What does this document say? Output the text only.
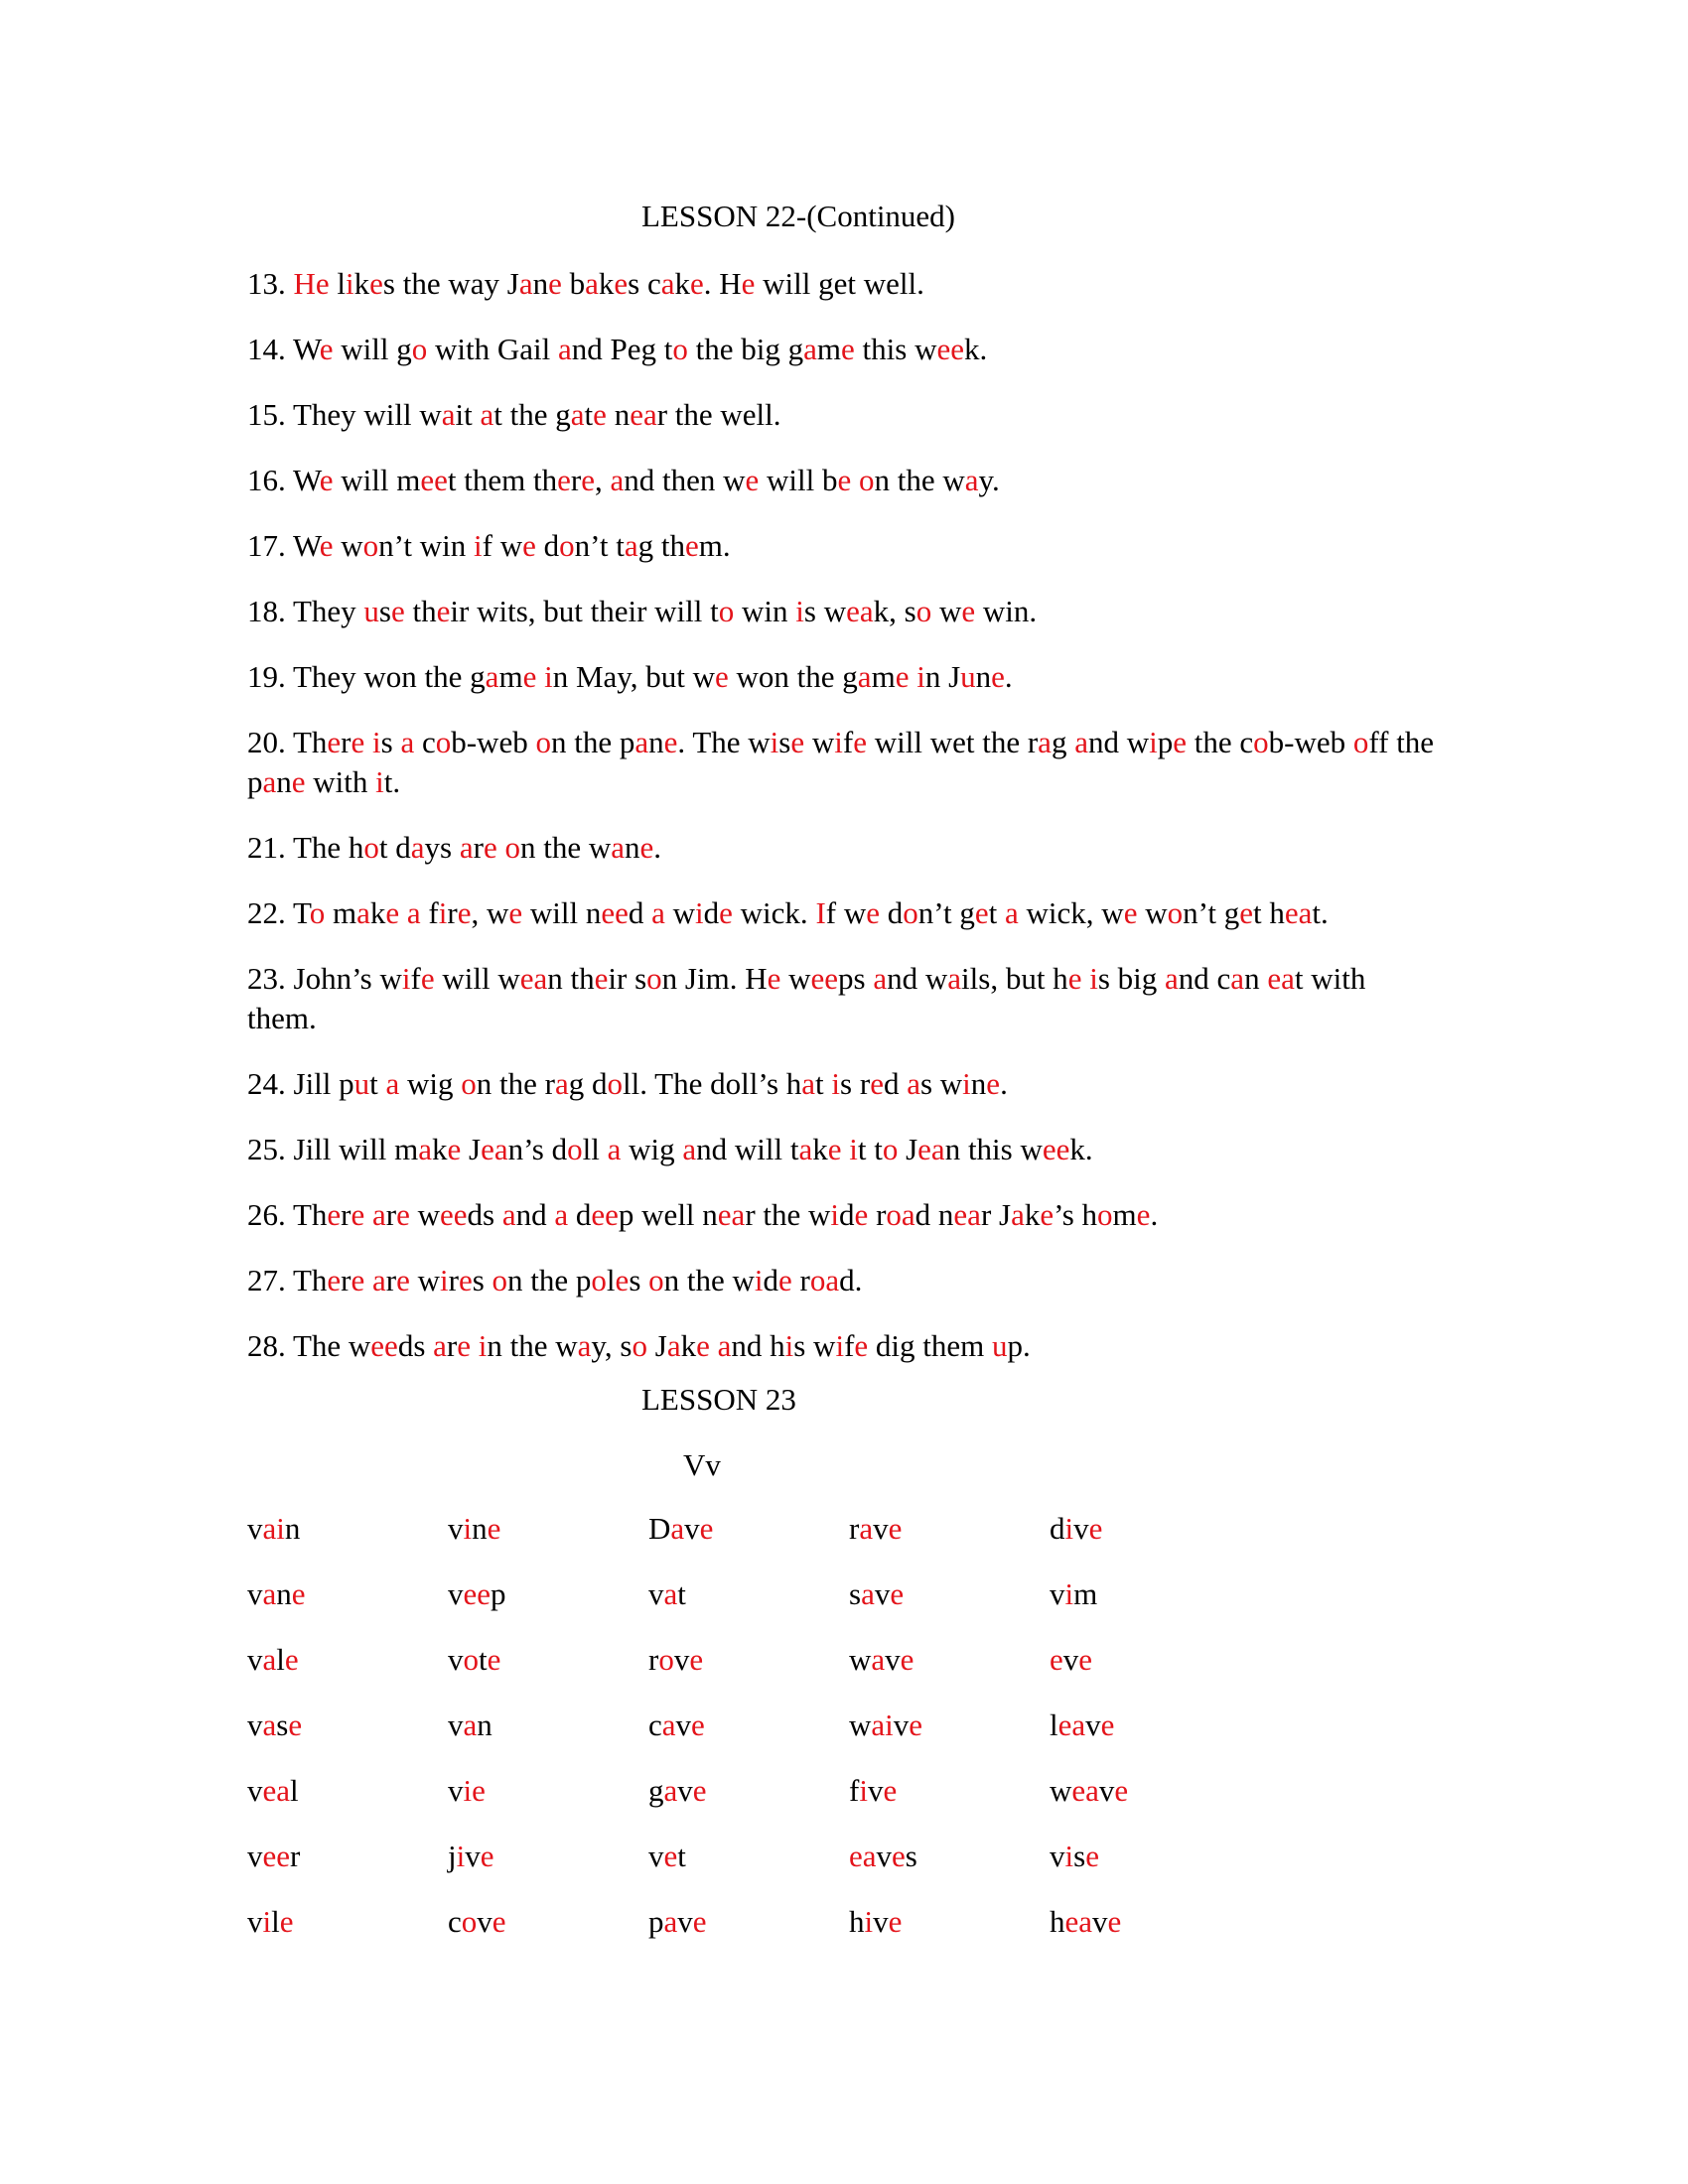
LESSON 22-(Continued)

13. He likes the way Jane bakes cake. He will get well.

14. We will go with Gail and Peg to the big game this week.

15. They will wait at the gate near the well.

16. We will meet them there, and then we will be on the way.

17. We won’t win if we don’t tag them.

18. They use their wits, but their will to win is weak, so we win.

19. They won the game in May, but we won the game in June.

20. There is a cob-web on the pane. The wise wife will wet the rag and wipe the cob-web off the pane with it.

21. The hot days are on the wane.

22. To make a fire, we will need a wide wick. If we don’t get a wick, we won’t get heat.

23. John’s wife will wean their son Jim. He weeps and wails, but he is big and can eat with them.

24. Jill put a wig on the rag doll. The doll’s hat is red as wine.

25. Jill will make Jean’s doll a wig and will take it to Jean this week.

26. There are weeds and a deep well near the wide road near Jake’s home.

27. There are wires on the poles on the wide road.

28. The weeds are in the way, so Jake and his wife dig them up.

LESSON 23
Vv
vain	vine	Dave	rave	dive
vane	veep	vat	save	vim
vale	vote	rove	wave	eve
vase	van	cave	waive	leave
veal	vie	gave	five	weave
veer	jive	vet	eaves	vise
vile	cove	pave	hive	heave
